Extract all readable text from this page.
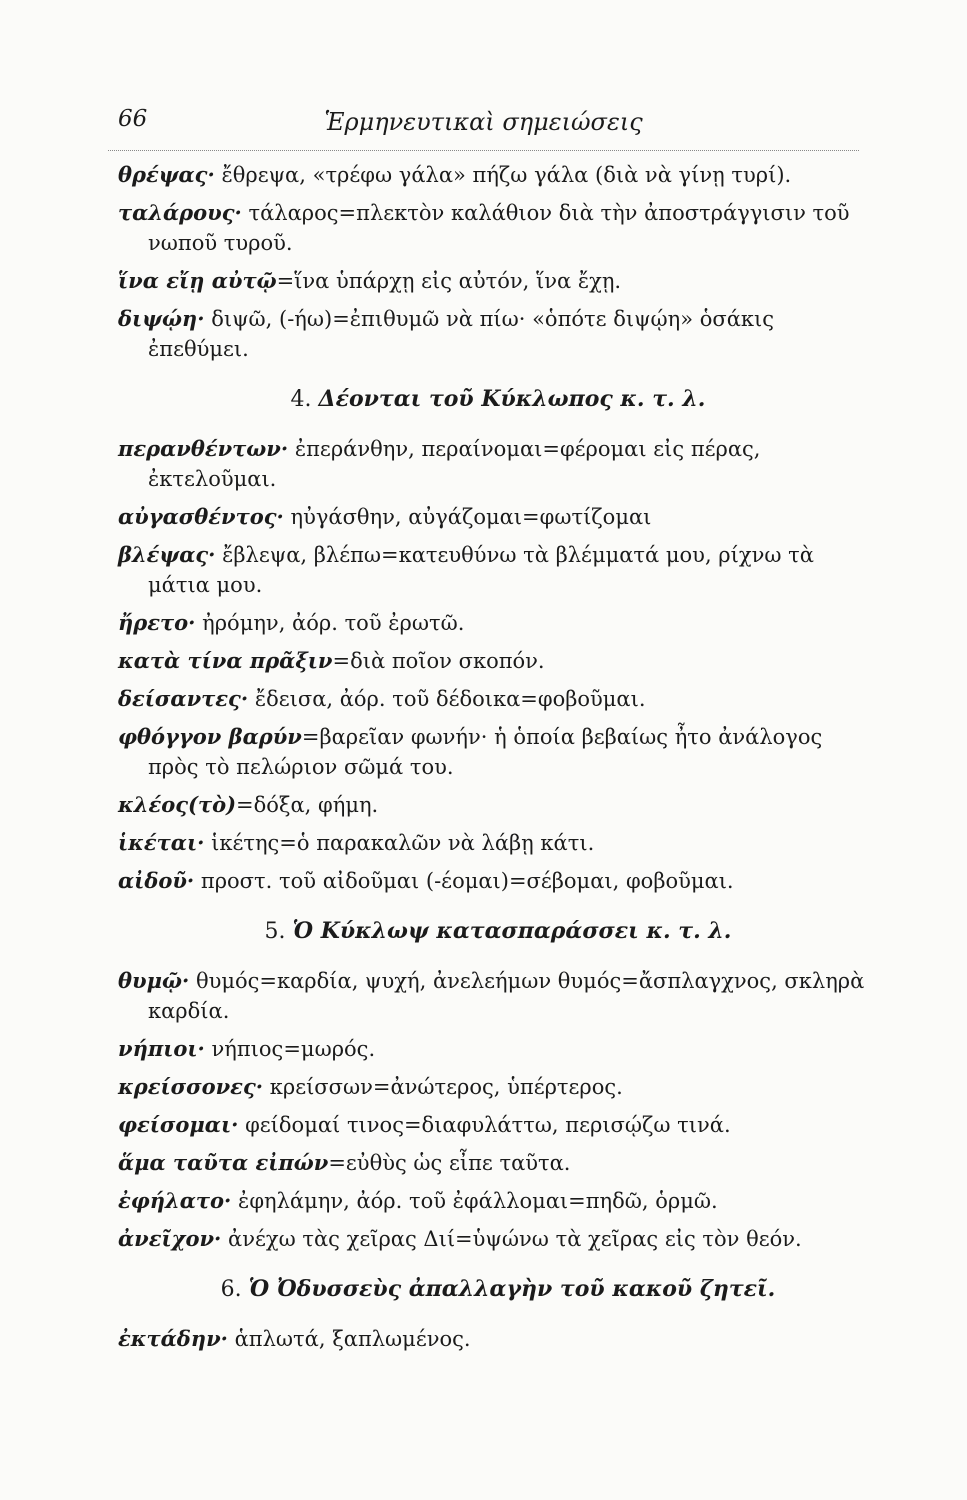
66	Ἑρμηνευτικαὶ σημειώσεις
θρέψας· ἔθρεψα, «τρέφω γάλα» πήζω γάλα (διὰ νὰ γίνῃ τυρί).
ταλάρους· τάλαρος=πλεκτὸν καλάθιον διὰ τὴν ἀποστράγγισιν τοῦ νωποῦ τυροῦ.
ἵνα εἴῃ αὐτῷ=ἵνα ὑπάρχῃ εἰς αὐτόν, ἵνα ἔχῃ.
διψῴη· διψῶ, (-ήω)=ἐπιθυμῶ νὰ πίω· «ὁπότε διψῴη» ὁσάκις ἐπεθύμει.
4. Δέονται τοῦ Κύκλωπος κ. τ. λ.
περανθέντων· ἐπεράνθην, περαίνομαι=φέρομαι εἰς πέρας, ἐκτελοῦμαι.
αὐγασθέντος· ηὐγάσθην, αὐγάζομαι=φωτίζομαι
βλέψας· ἔβλεψα, βλέπω=κατευθύνω τὰ βλέμματά μου, ρίχνω τὰ μάτια μου.
ἤρετο· ἠρόμην, ἀόρ. τοῦ ἐρωτῶ.
κατὰ τίνα πρᾶξιν=διὰ ποῖον σκοπόν.
δείσαντες· ἔδεισα, ἀόρ. τοῦ δέδοικα=φοβοῦμαι.
φθόγγον βαρύν=βαρεῖαν φωνήν· ἡ ὁποία βεβαίως ἦτο ἀνάλογος πρὸς τὸ πελώριον σῶμά του.
κλέος(τὸ)=δόξα, φήμη.
ἱκέται· ἱκέτης=ὁ παρακαλῶν νὰ λάβῃ κάτι.
αἰδοῦ· προστ. τοῦ αἰδοῦμαι (-έομαι)=σέβομαι, φοβοῦμαι.
5. Ὁ Κύκλωψ κατασπαράσσει κ. τ. λ.
θυμῷ· θυμός=καρδία, ψυχή, ἀνελεήμων θυμός=ἄσπλαγχνος, σκληρὰ καρδία.
νήπιοι· νήπιος=μωρός.
κρείσσονες· κρείσσων=ἀνώτερος, ὑπέρτερος.
φείσομαι· φείδομαί τινος=διαφυλάττω, περισῴζω τινά.
ἅμα ταῦτα εἰπών=εὐθὺς ὡς εἶπε ταῦτα.
ἐφήλατο· ἐφηλάμην, ἀόρ. τοῦ ἐφάλλομαι=πηδῶ, ὁρμῶ.
ἀνεῖχον· ἀνέχω τὰς χεῖρας Διί=ὑψώνω τὰ χεῖρας εἰς τὸν θεόν.
6. Ὁ Ὀδυσσεὺς ἀπαλλαγὴν τοῦ κακοῦ ζητεῖ.
ἐκτάδην· ἁπλωτά, ξαπλωμένος.
